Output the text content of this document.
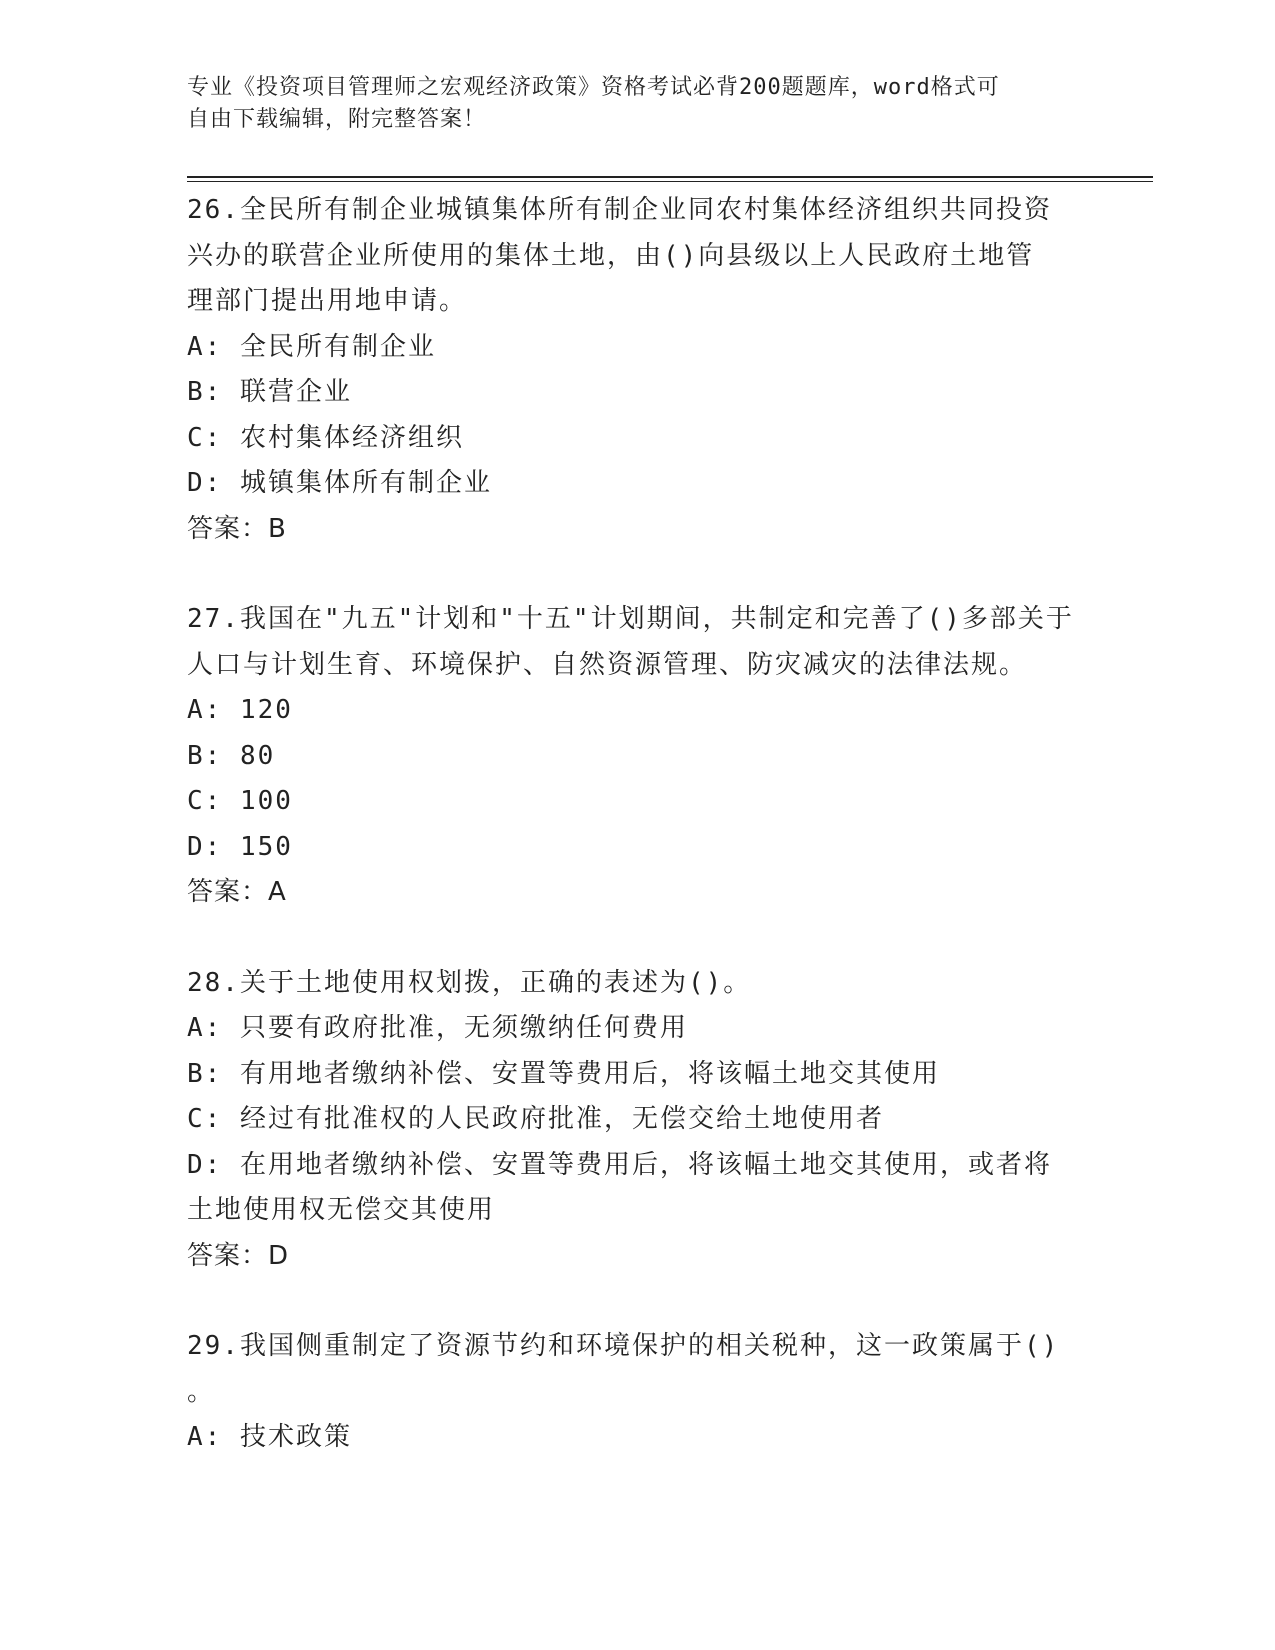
专业《投资项目管理师之宏观经济政策》资格考试必背200题题库，word格式可
自由下载编辑，附完整答案！
26.全民所有制企业城镇集体所有制企业同农村集体经济组织共同投资
兴办的联营企业所使用的集体土地，由()向县级以上人民政府土地管
理部门提出用地申请。
A: 全民所有制企业
B: 联营企业
C: 农村集体经济组织
D: 城镇集体所有制企业
答案：B
27.我国在"九五"计划和"十五"计划期间，共制定和完善了()多部关于
人口与计划生育、环境保护、自然资源管理、防灾减灾的法律法规。
A: 120
B: 80
C: 100
D: 150
答案：A
28.关于土地使用权划拨，正确的表述为()。
A: 只要有政府批准，无须缴纳任何费用
B: 有用地者缴纳补偿、安置等费用后，将该幅土地交其使用
C: 经过有批准权的人民政府批准，无偿交给土地使用者
D: 在用地者缴纳补偿、安置等费用后，将该幅土地交其使用，或者将
土地使用权无偿交其使用
答案：D
29.我国侧重制定了资源节约和环境保护的相关税种，这一政策属于()
。
A: 技术政策
